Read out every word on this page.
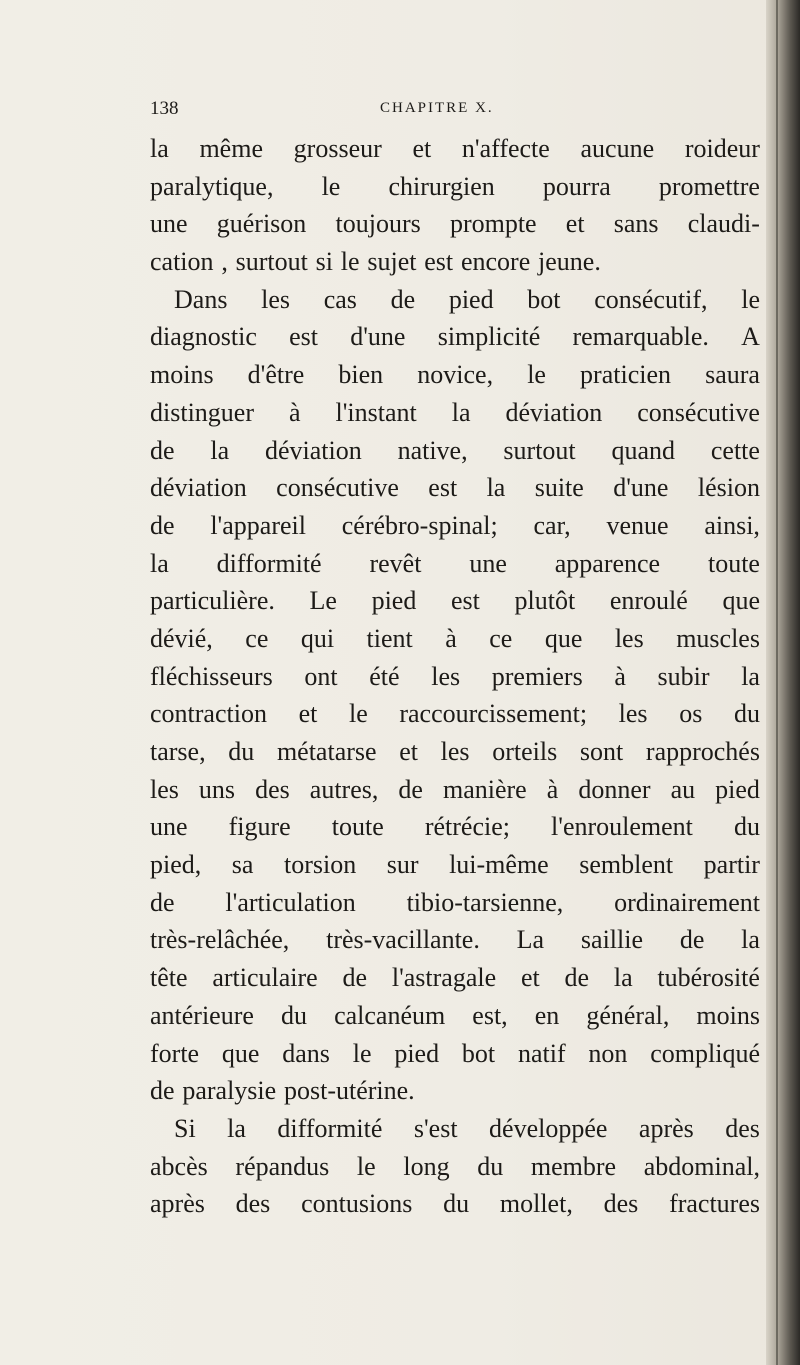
138	CHAPITRE X.
la même grosseur et n'affecte aucune roideur
paralytique, le chirurgien pourra promettre
une guérison toujours prompte et sans claudi-
cation , surtout si le sujet est encore jeune.
Dans les cas de pied bot consécutif, le
diagnostic est d'une simplicité remarquable. A
moins d'être bien novice, le praticien saura
distinguer à l'instant la déviation consécutive
de la déviation native, surtout quand cette
déviation consécutive est la suite d'une lésion
de l'appareil cérébro-spinal; car, venue ainsi,
la difformité revêt une apparence toute
particulière. Le pied est plutôt enroulé que
dévié, ce qui tient à ce que les muscles
fléchisseurs ont été les premiers à subir la
contraction et le raccourcissement; les os du
tarse, du métatarse et les orteils sont rapprochés
les uns des autres, de manière à donner au pied
une figure toute rétrécie; l'enroulement du
pied, sa torsion sur lui-même semblent partir
de l'articulation tibio-tarsienne, ordinairement
très-relâchée, très-vacillante. La saillie de la
tête articulaire de l'astragale et de la tubérosité
antérieure du calcanéum est, en général, moins
forte que dans le pied bot natif non compliqué
de paralysie post-utérine.
Si la difformité s'est développée après des
abcès répandus le long du membre abdominal,
après des contusions du mollet, des fractures
